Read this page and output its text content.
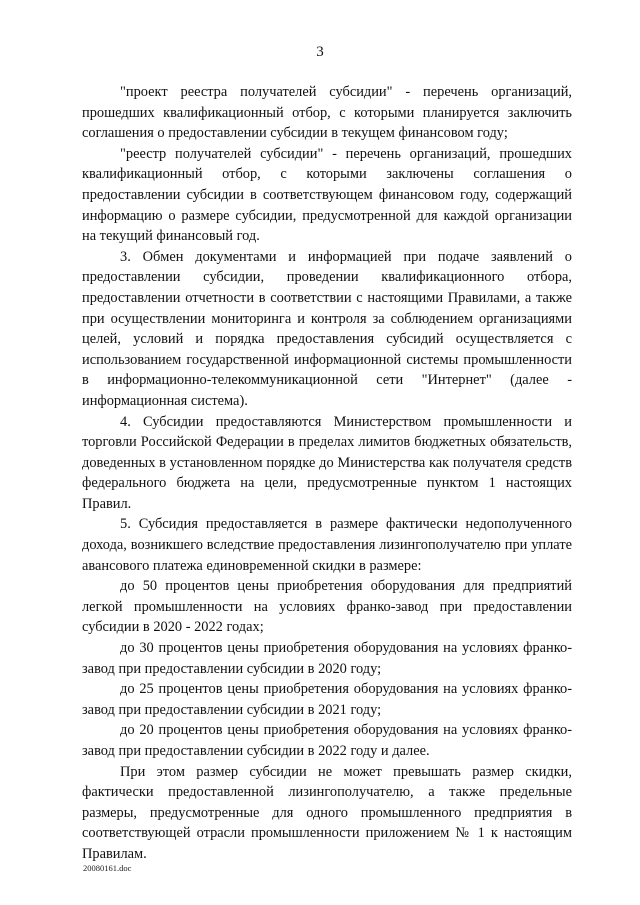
3

"проект реестра получателей субсидии" - перечень организаций, прошедших квалификационный отбор, с которыми планируется заключить соглашения о предоставлении субсидии в текущем финансовом году;

"реестр получателей субсидии" - перечень организаций, прошедших квалификационный отбор, с которыми заключены соглашения о предоставлении субсидии в соответствующем финансовом году, содержащий информацию о размере субсидии, предусмотренной для каждой организации на текущий финансовый год.

3. Обмен документами и информацией при подаче заявлений о предоставлении субсидии, проведении квалификационного отбора, предоставлении отчетности в соответствии с настоящими Правилами, а также при осуществлении мониторинга и контроля за соблюдением организациями целей, условий и порядка предоставления субсидий осуществляется с использованием государственной информационной системы промышленности в информационно-телекоммуникационной сети "Интернет" (далее - информационная система).

4. Субсидии предоставляются Министерством промышленности и торговли Российской Федерации в пределах лимитов бюджетных обязательств, доведенных в установленном порядке до Министерства как получателя средств федерального бюджета на цели, предусмотренные пунктом 1 настоящих Правил.

5. Субсидия предоставляется в размере фактически недополученного дохода, возникшего вследствие предоставления лизингополучателю при уплате авансового платежа единовременной скидки в размере:

до 50 процентов цены приобретения оборудования для предприятий легкой промышленности на условиях франко-завод при предоставлении субсидии в 2020 - 2022 годах;

до 30 процентов цены приобретения оборудования на условиях франко-завод при предоставлении субсидии в 2020 году;

до 25 процентов цены приобретения оборудования на условиях франко-завод при предоставлении субсидии в 2021 году;

до 20 процентов цены приобретения оборудования на условиях франко-завод при предоставлении субсидии в 2022 году и далее.

При этом размер субсидии не может превышать размер скидки, фактически предоставленной лизингополучателю, а также предельные размеры, предусмотренные для одного промышленного предприятия в соответствующей отрасли промышленности приложением № 1 к настоящим Правилам.

20080161.doc
